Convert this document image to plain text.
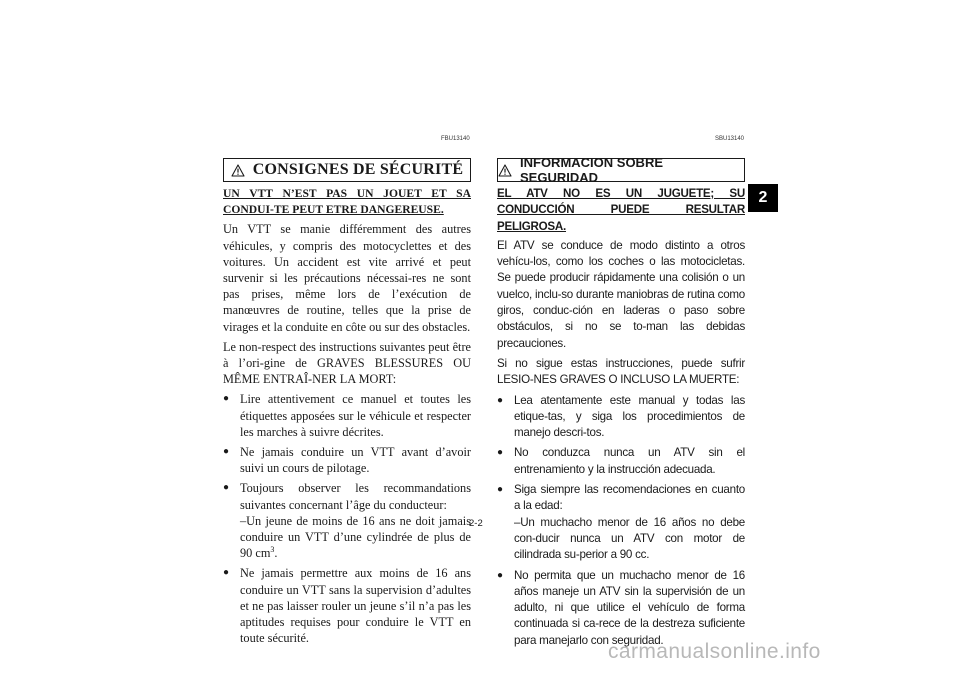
FBU13140	SBU13140
CONSIGNES DE SÉCURITÉ	INFORMACION SOBRE SEGURIDAD

UN VTT N’EST PAS UN JOUET ET SA CONDUI-TE PEUT ETRE DANGEREUSE.

Un VTT se manie différemment des autres véhicules, y compris des motocyclettes et des voitures. Un accident est vite arrivé et peut survenir si les précautions nécessai-res ne sont pas prises, même lors de l’exécution de manœuvres de routine, telles que la prise de virages et la conduite en côte ou sur des obstacles.

Le non-respect des instructions suivantes peut être à l’ori-gine de GRAVES BLESSURES OU MÊME ENTRAÎ-NER LA MORT:

● Lire attentivement ce manuel et toutes les étiquettes apposées sur le véhicule et respecter les marches à suivre décrites.
● Ne jamais conduire un VTT avant d’avoir suivi un cours de pilotage.
● Toujours observer les recommandations suivantes concernant l’âge du conducteur:
–Un jeune de moins de 16 ans ne doit jamais conduire un VTT d’une cylindrée de plus de 90 $cm^3$.
● Ne jamais permettre aux moins de 16 ans conduire un VTT sans la supervision d’adultes et ne pas laisser rouler un jeune s’il n’a pas les aptitudes requises pour conduire le VTT en toute sécurité.

EL ATV NO ES UN JUGUETE; SU CONDUCCIÓN PUEDE RESULTAR PELIGROSA.

El ATV se conduce de modo distinto a otros vehícu-los, como los coches o las motocicletas. Se puede producir rápidamente una colisión o un vuelco, inclu-so durante maniobras de rutina como giros, conduc-ción en laderas o paso sobre obstáculos, si no se to-man las debidas precauciones.

Si no sigue estas instrucciones, puede sufrir LESIO-NES GRAVES O INCLUSO LA MUERTE:

● Lea atentamente este manual y todas las etique-tas, y siga los procedimientos de manejo descri-tos.
● No conduzca nunca un ATV sin el entrenamiento y la instrucción adecuada.
● Siga siempre las recomendaciones en cuanto a la edad:
–Un muchacho menor de 16 años no debe con-ducir nunca un ATV con motor de cilindrada su-perior a 90 cc.
● No permita que un muchacho menor de 16 años maneje un ATV sin la supervisión de un adulto, ni que utilice el vehículo de forma continuada si ca-rece de la destreza suficiente para manejarlo con seguridad.
2-2
2
carmanualsonline.info
